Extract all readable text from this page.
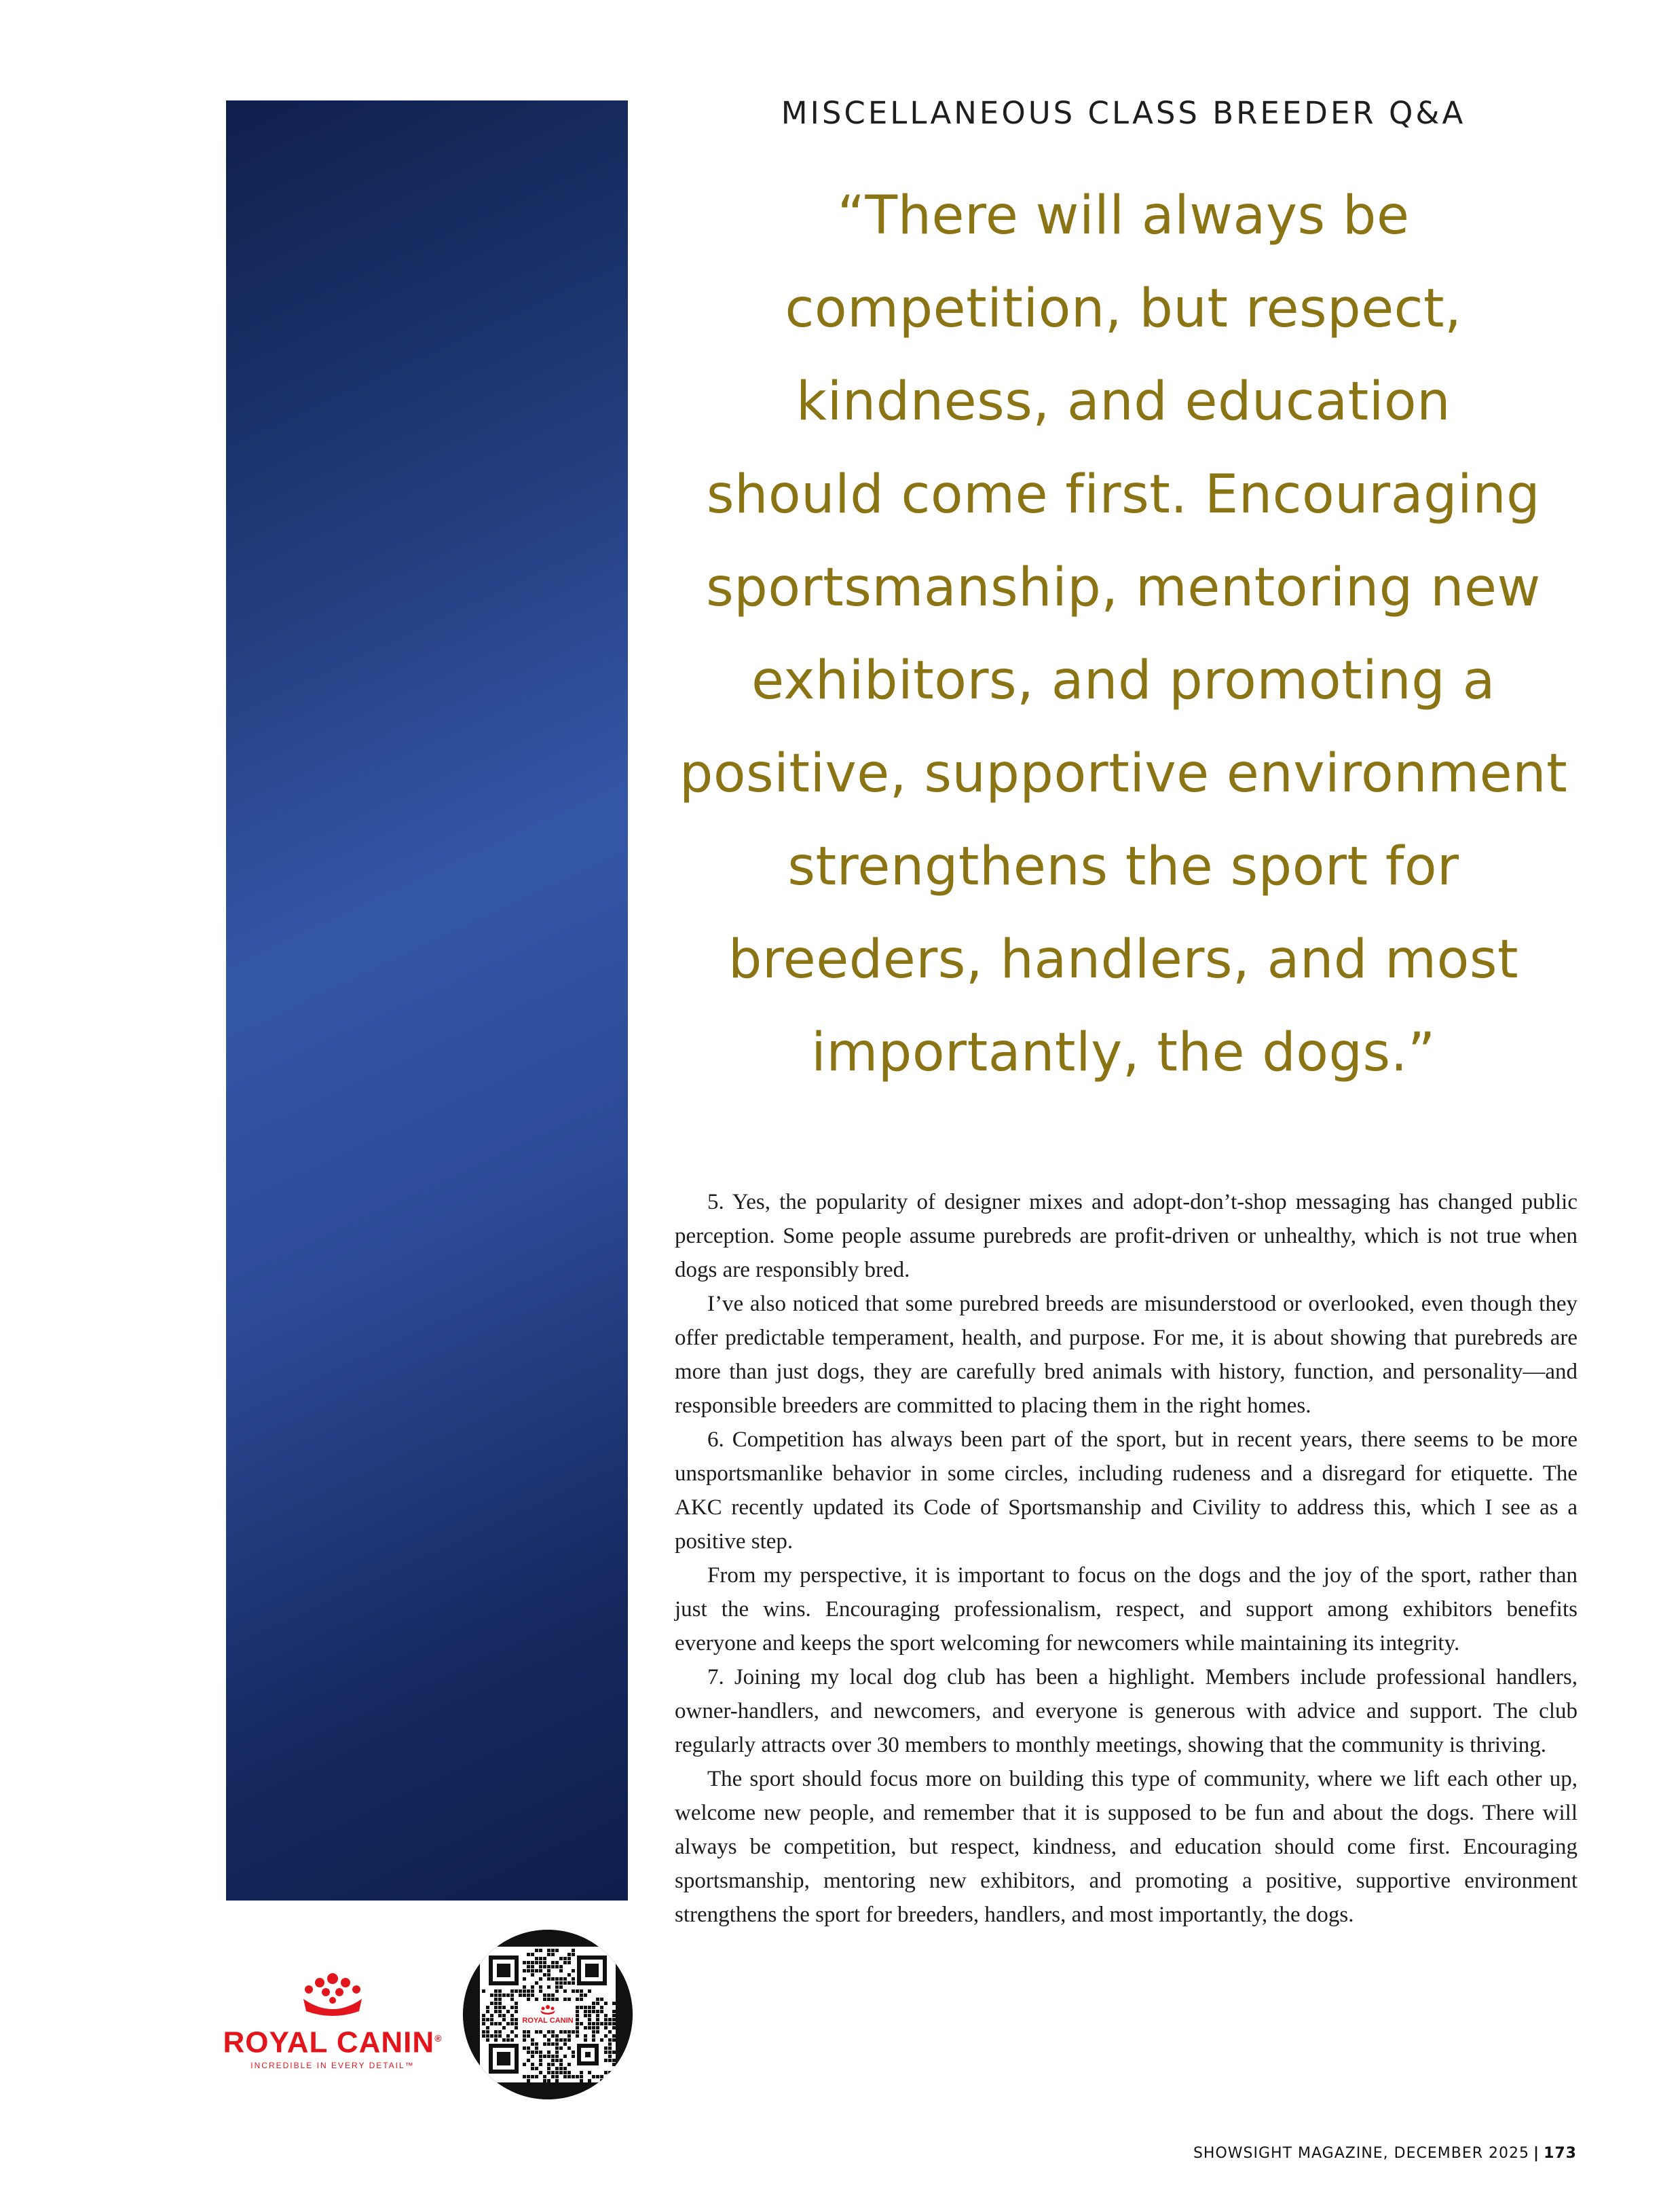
MISCELLANEOUS CLASS BREEDER Q&A
“There will always be
competition, but respect,
kindness, and education
should come first. Encouraging
sportsmanship, mentoring new
exhibitors, and promoting a
positive, supportive environment
strengthens the sport for
breeders, handlers, and most
importantly, the dogs.”

5. Yes, the popularity of designer mixes and adopt-don’t-shop messaging has changed public perception. Some people assume purebreds are profit-driven or unhealthy, which is not true when dogs are responsibly bred.

I’ve also noticed that some purebred breeds are misunderstood or overlooked, even though they offer predictable temperament, health, and purpose. For me, it is about showing that purebreds are more than just dogs, they are carefully bred animals with history, function, and personality—and responsible breeders are committed to placing them in the right homes.

6. Competition has always been part of the sport, but in recent years, there seems to be more unsportsmanlike behavior in some circles, including rudeness and a disregard for etiquette. The AKC recently updated its Code of Sportsmanship and Civility to address this, which I see as a positive step.

From my perspective, it is important to focus on the dogs and the joy of the sport, rather than just the wins. Encouraging professionalism, respect, and support among exhibitors benefits everyone and keeps the sport welcoming for newcomers while maintaining its integrity.

7. Joining my local dog club has been a highlight. Members include professional handlers, owner-handlers, and newcomers, and everyone is generous with advice and support. The club regularly attracts over 30 members to monthly meetings, showing that the community is thriving.

The sport should focus more on building this type of community, where we lift each other up, welcome new people, and remember that it is supposed to be fun and about the dogs. There will always be competition, but respect, kindness, and education should come first. Encouraging sportsmanship, mentoring new exhibitors, and promoting a positive, supportive environment strengthens the sport for breeders, handlers, and most importantly, the dogs.

ROYAL CANIN®
INCREDIBLE IN EVERY DETAIL™
ROYAL CANIN
SHOWSIGHT MAGAZINE, DECEMBER 2025 | 173
